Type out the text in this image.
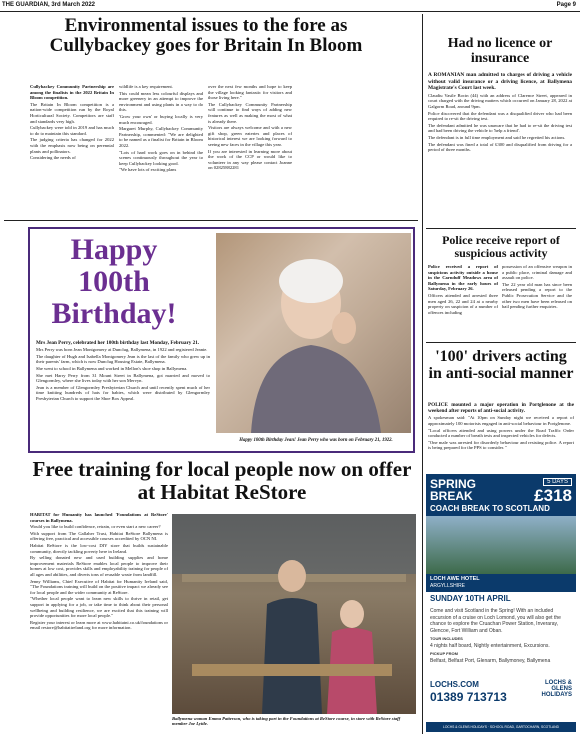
THE GUARDIAN, 3rd March 2022	Page 9
Environmental issues to the fore as Cullybackey goes for Britain In Bloom

Cullybackey Community Partnership are among the finalists in the 2022 Britain In Bloom competition.

The Britain In Bloom competition is a nation-wide competition run by the Royal Horticultural Society. Competitors are staff and standards very high.

Cullybackey were told in 2019 and has much to do to maintain this standard.

The judging criteria has changed for 2022 with the emphasis now being on perennial plants and pollinators.

Considering the needs of

wildlife is a key requirement.

This could mean less colourful displays and more greenery in an attempt to improve the environment and using plants in a way to do this.

'Grow your own' or buying locally is very much encouraged.

Margaret Murphy, Cullybackey Community Partnership, commented: "We are delighted to be named as a finalist for Britain in Bloom 2022.

"Lots of hard work goes on in behind the scenes continuously throughout the year to keep Cullybackey looking good.

"We have lots of exciting plans

over the next few months and hope to keep the village looking fantastic for visitors and those living here."

The Cullybackey Community Partnership will continue to find ways of adding new features as well as making the most of what is already there.

Visitors are always welcome and with a new gift shop, green eateries and places of historical interest we are looking forward to seeing new faces in the village this year.

If you are interested in learning more about the work of the CCP or would like to volunteer in any way please contact Joanne on 02825882281

Had no licence or insurance

A ROMANIAN man admitted to charges of driving a vehicle without valid insurance or a driving licence, at Ballymena Magistrate's Court last week.

Claudiu Vasile Bocin (44) with an address of Clarence Street, appeared in court charged with the driving matters which occurred on January 28, 2022 at Galgorm Road, around 9pm.

Police discovered that the defendant was a disqualified driver who had been required to re-sit the driving test.

The defendant admitted he was unaware that he had to re-sit the driving test and had been driving the vehicle to 'help a friend'.

The defendant is in full time employment and said he regretted his actions.

The defendant was fined a total of £300 and disqualified from driving for a period of three months.

Happy
100th
Birthday!

Mrs Jean Perry, celebrated her 100th birthday last Monday, February 21.

Mrs Perry was born Jean Montgomery at Dunclug, Ballymena, in 1922 and registered Jeanie.

The daughter of Hugh and Isabella Montgomery Jean is the last of the family who grew up in their parents' farm, which is now Dunclug Housing Estate, Ballymena.

She went to school in Ballymena and worked in Mellon's shoe shop in Ballymena.

She met Harry Perry from 31 Mount Street in Ballymena, got married and moved to Glengormley, where she lives today with her son Mervyn.

Jean is a member of Glengormley Presbyterian Church and until recently spent much of her time knitting hundreds of hats for babies, which were distributed by Glengormley Presbyterian Church to support the Shoe Box Appeal.

Happy 100th Birthday Jean! Jean Perry who was born on February 21, 1922.
Police receive report of suspicious activity

Police received a report of suspicious activity outside a house in the Carnduff Meadows area of Ballymena in the early hours of Saturday, February 26.

Officers attended and arrested three men aged 26, 22 and 24 at a nearby property on suspicion of a number of offences including

possession of an offensive weapon in a public place, criminal damage and assault on police.

The 22 year old man has since been released pending a report to the Public Prosecution Service and the other two men have been released on bail pending further enquiries.

'100' drivers acting in anti-social manner

POLICE mounted a major operation in Portglenone at the weekend after reports of anti-social activity.

A spokesman said: "At 10pm on Sunday night we received a report of approximately 100 motorists engaged in anti-social behaviour in Portglenone.

"Local officers attended and using powers under the Road Traffic Order conducted a number of breath tests and inspected vehicles for defects.

"One male was arrested for disorderly behaviour and resisting police. A report is being prepared for the PPS to consider. "

Free training for local people now on offer at Habitat ReStore

HABITAT for Humanity has launched 'Foundations at ReStore' courses in Ballymena.

Would you like to build confidence, retrain, or even start a new career?

With support from The Gallaher Trust, Habitat ReStore Ballymena is offering free, practical and accessible courses accredited by OCN NI.

Habitat ReStore is the low-cost DIY store that builds sustainable community, directly tackling poverty here in Ireland.

By selling donated new and used building supplies and home improvement materials ReStore enables local people to improve their homes at low cost, provides skills and employability training for people of all ages and abilities, and diverts tons of reusable waste from landfill.

Jenny Williams, Chief Executive of Habitat for Humanity Ireland said, "The Foundations training will build on the positive impact we already see for local people and the wider community at ReStore.

"Whether local people want to learn new skills to thrive in retail, get support in applying for a job, or take time to think about their personal wellbeing and building resilience, we are excited that this training will provide opportunities for more local people."

Register your interest or learn more at www.habitatni.co.uk/foundations or email restore@habitatireland.org for more information.

Ballymena woman Emma Patterson, who is taking part in the Foundations at ReStore course, in store with ReStore staff member Joe Lyttle.
SPRING
BREAK
5 DAYS
£318
COACH BREAK TO SCOTLAND
LOCH AWE HOTEL
ARGYLLSHIRE
SUNDAY 10TH APRIL
Come and visit Scotland in the Spring! With an included excursion of a cruise on Loch Lomond, you will also get the chance to explore the Cruachan Power Station, Inveraray, Glencoe, Fort William and Oban.
TOUR INCLUDES
4 nights half board, Nightly entertainment, Excursions.
PICKUP FROM
Belfast, Belfast Port, Glenarm, Ballymoney, Ballymena
LOCHS.COM
01389 713713
LOCHS & GLENS HOLIDAYS
LOCHS & GLENS HOLIDAYS · SCHOOL ROAD, GARTOCHARN, SCOTLAND
